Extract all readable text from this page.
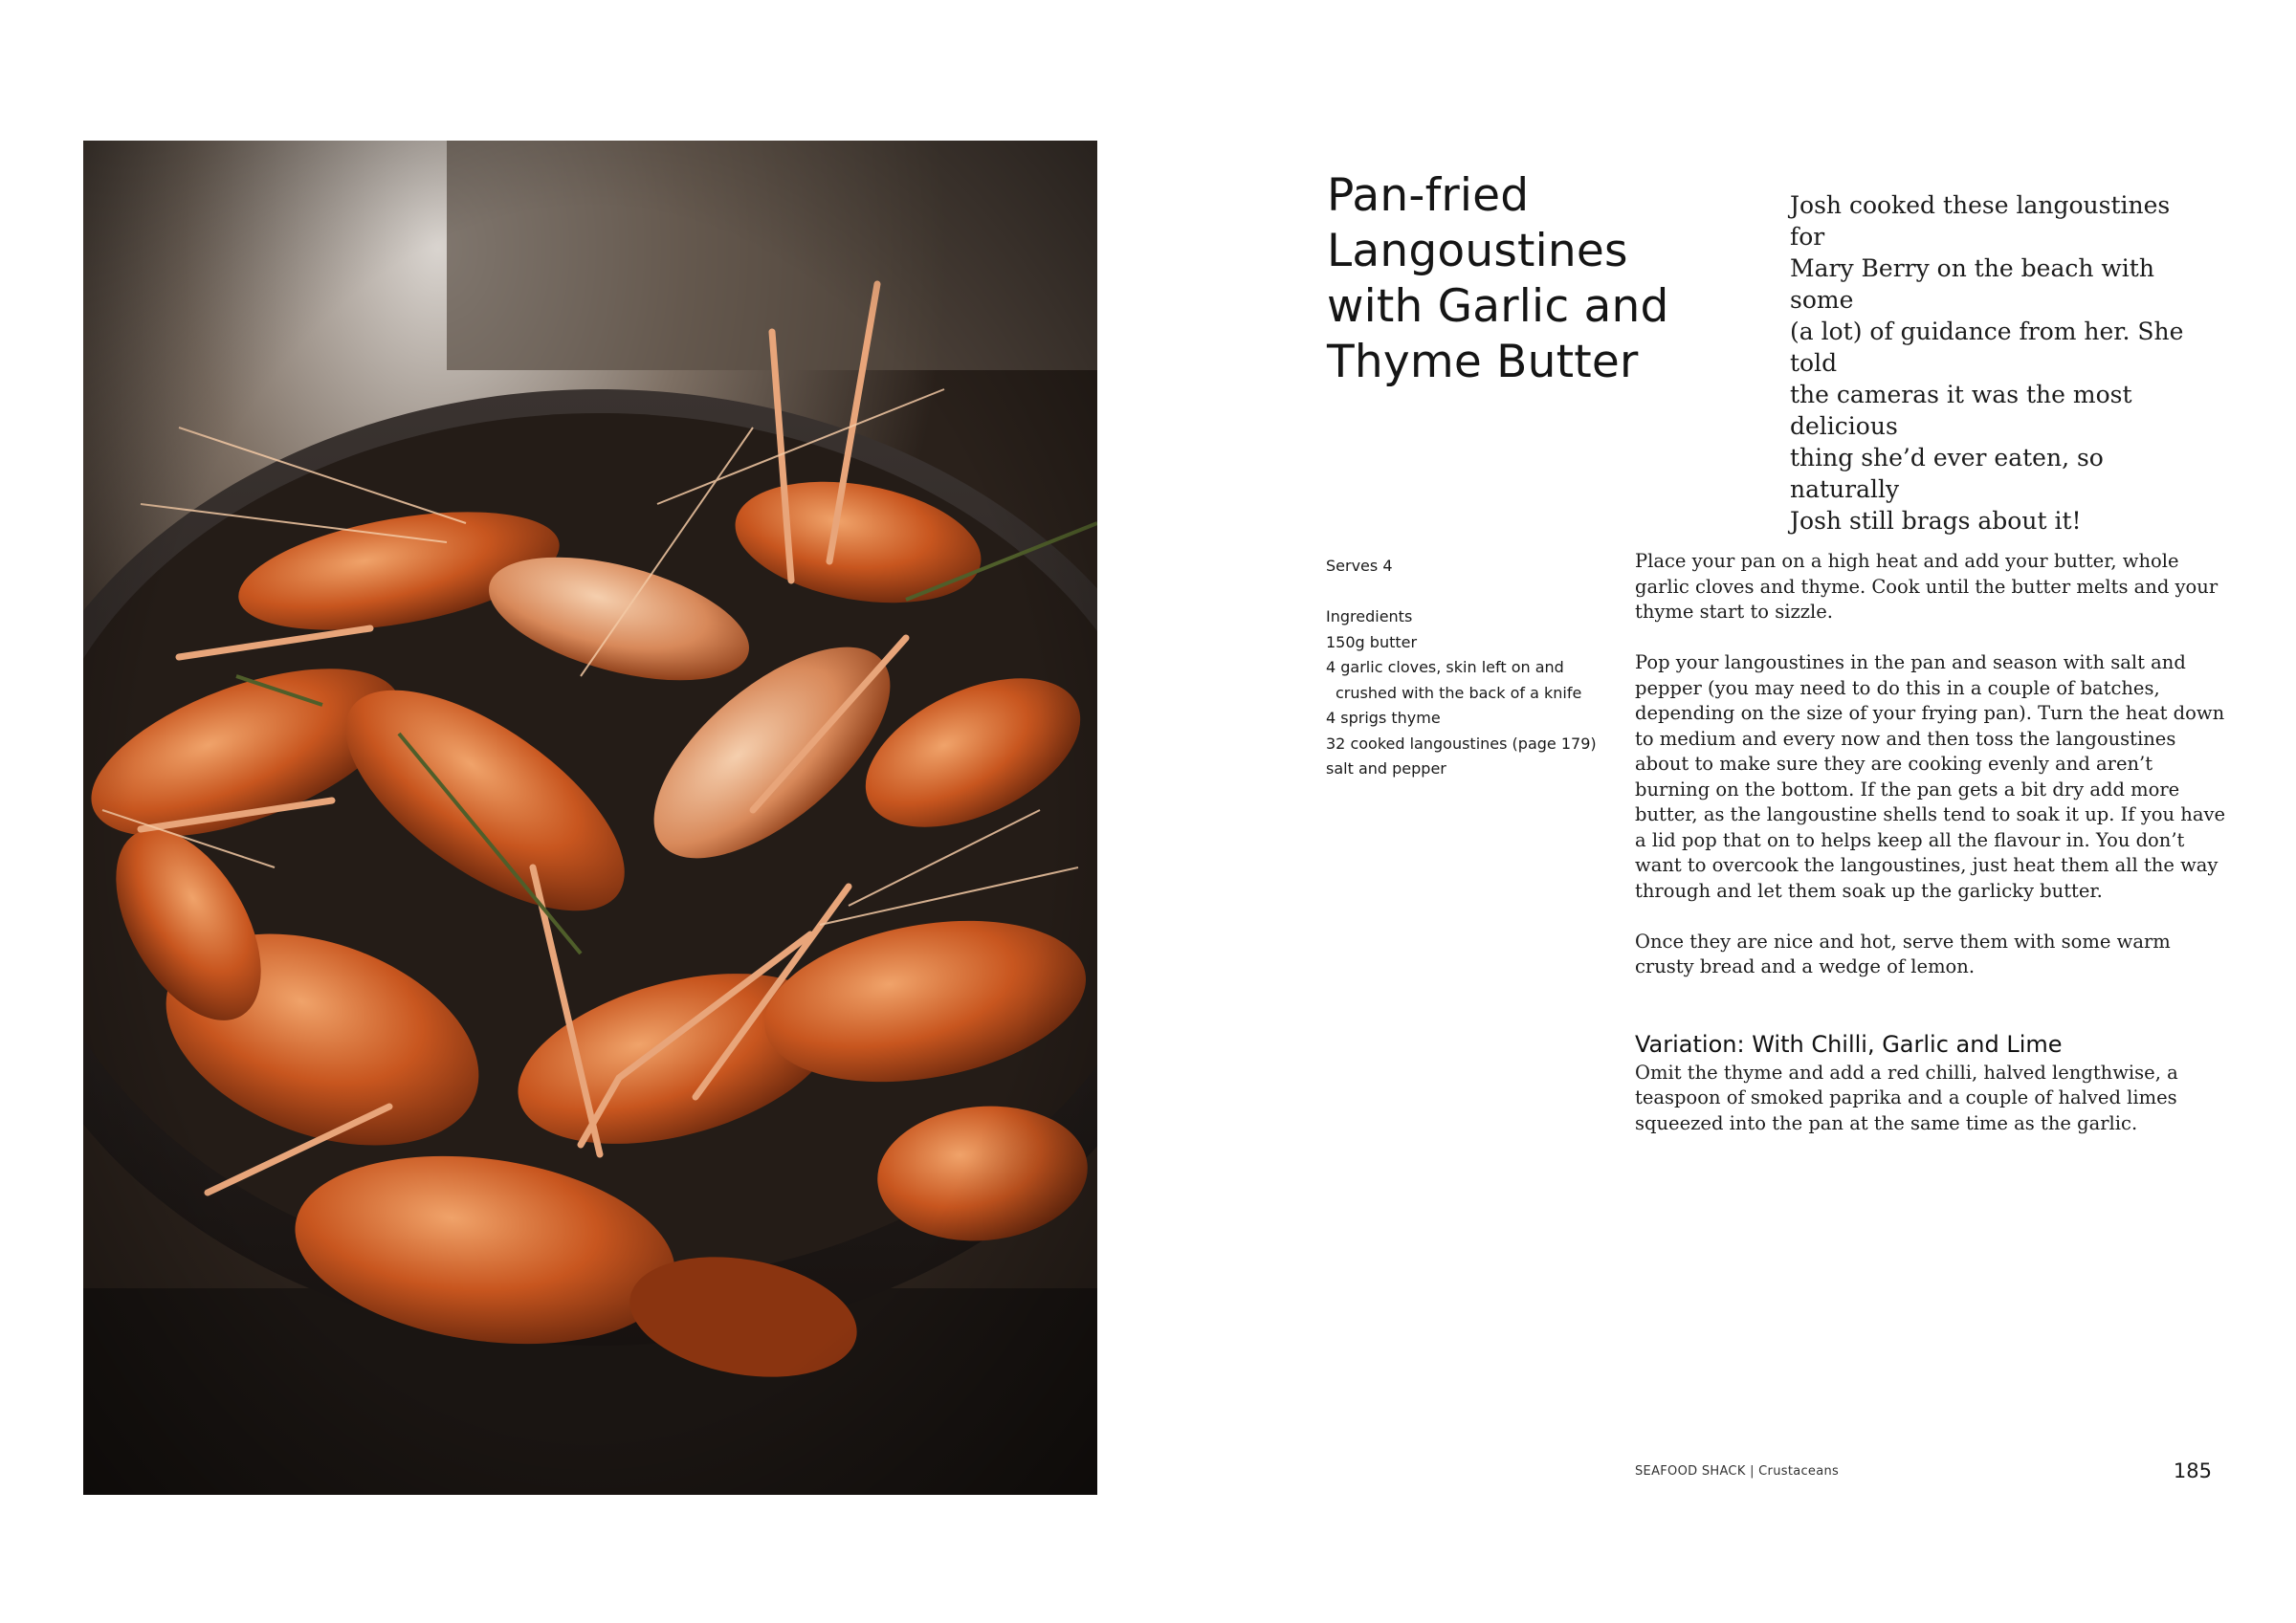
Pan-fried
Langoustines
with Garlic and
Thyme Butter

Josh cooked these langoustines for
Mary Berry on the beach with some
(a lot) of guidance from her. She told
the cameras it was the most delicious
thing she’d ever eaten, so naturally
Josh still brags about it!

Serves 4

Ingredients

150g butter
4 garlic cloves, skin left on and
crushed with the back of a knife
4 sprigs thyme
32 cooked langoustines (page 179)
salt and pepper

Place your pan on a high heat and add your butter, whole garlic cloves and thyme. Cook until the butter melts and your thyme start to sizzle.

Pop your langoustines in the pan and season with salt and pepper (you may need to do this in a couple of batches, depending on the size of your frying pan). Turn the heat down to medium and every now and then toss the langoustines about to make sure they are cooking evenly and aren’t burning on the bottom. If the pan gets a bit dry add more butter, as the langoustine shells tend to soak it up. If you have a lid pop that on to helps keep all the flavour in. You don’t want to overcook the langoustines, just heat them all the way through and let them soak up the garlicky butter.

Once they are nice and hot, serve them with some warm crusty bread and a wedge of lemon.

Variation: With Chilli, Garlic and Lime

Omit the thyme and add a red chilli, halved lengthwise, a teaspoon of smoked paprika and a couple of halved limes squeezed into the pan at the same time as the garlic.

SEAFOOD SHACK | Crustaceans	185
